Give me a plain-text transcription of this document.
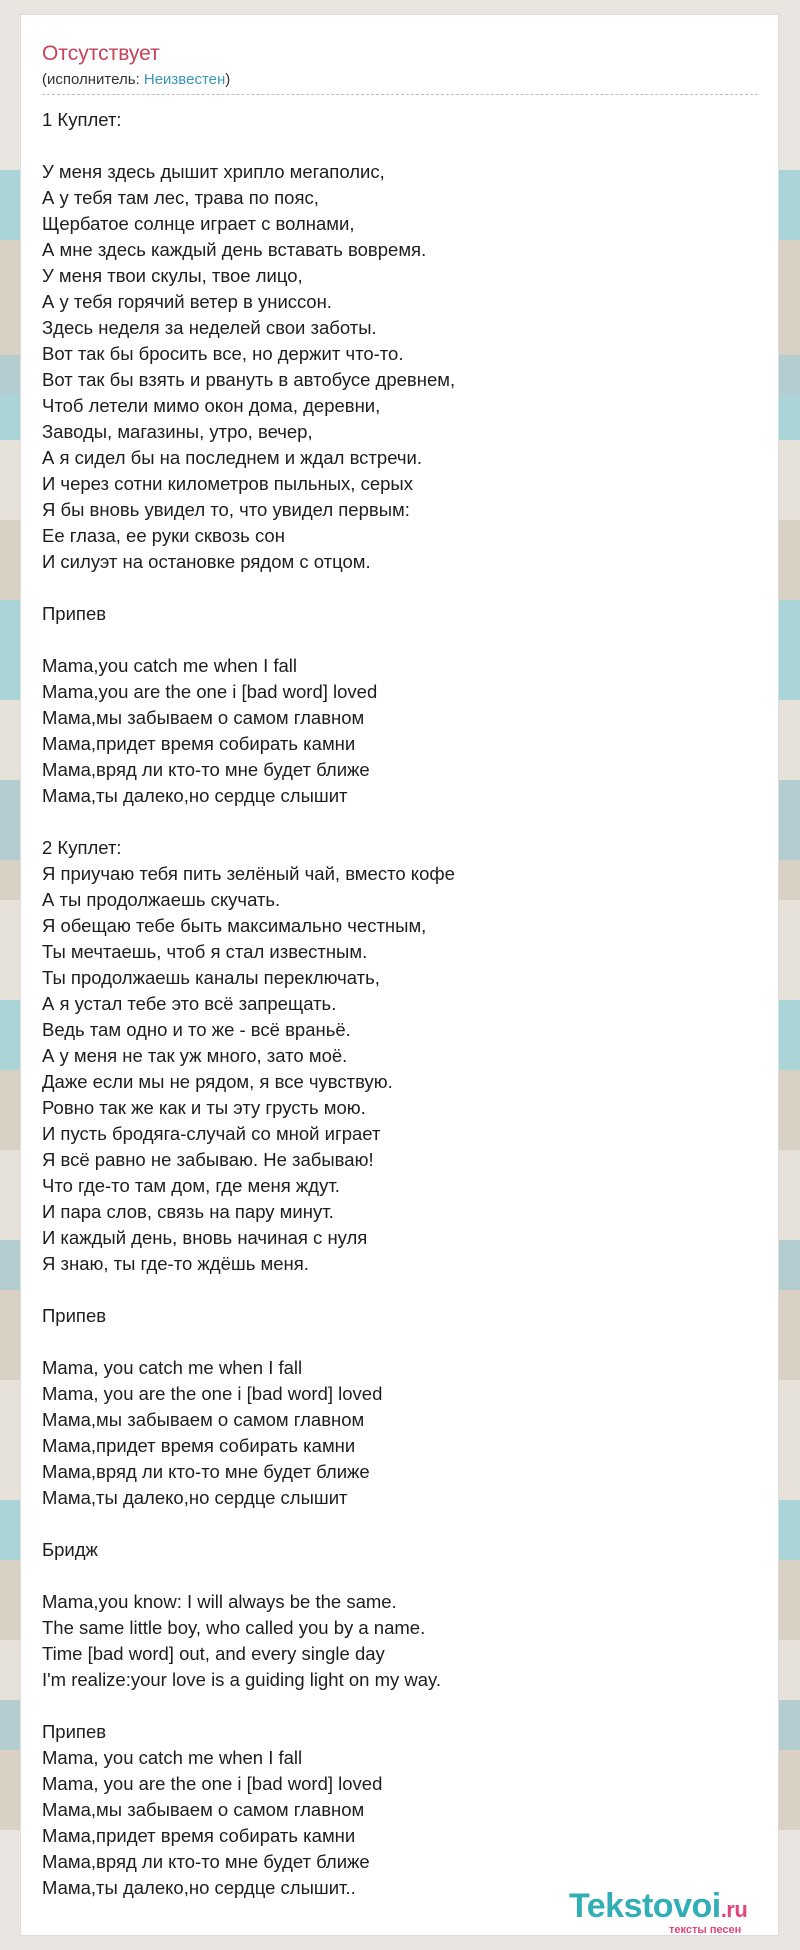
Отсутствует
(исполнитель: Неизвестен)
1 Куплет:
У меня здесь дышит хрипло мегаполис,
А у тебя там лес, трава по пояс,
Щербатое солнце играет с волнами,
А мне здесь каждый день вставать вовремя.
У меня твои скулы, твое лицо,
А у тебя горячий ветер в унисcон.
Здесь неделя за неделей свои заботы.
Вот так бы бросить все, но держит что-то.
Вот так бы взять и рвануть в автобусе древнем,
Чтоб летели мимо окон дома, деревни,
Заводы, магазины, утро, вечер,
А я сидел бы на последнем и ждал встречи.
И через сотни километров пыльных, серых
Я бы вновь увидел то, что увидел первым:
Ее глаза, ее руки сквозь сон
И силуэт на остановке рядом с отцом.
Припев
Mama,you catch me when I fall
Mama,you are the one i [bad word] loved
Мама,мы забываем о самом главном
Мама,придет время собирать камни
Мама,вряд ли кто-то мне будет ближе
Мама,ты далеко,но сердце слышит
2 Куплет:
Я приучаю тебя пить зелёный чай, вместо кофе
А ты продолжаешь скучать.
Я обещаю тебе быть максимально честным,
Ты мечтаешь, чтоб я стал известным.
Ты продолжаешь каналы переключать,
А я устал тебе это всё запрещать.
Ведь там одно и то же - всё враньё.
А у меня не так уж много, зато моё.
Даже если мы не рядом, я все чувствую.
Ровно так же как и ты эту грусть мою.
И пусть бродяга-случай со мной играет
Я всё равно не забываю. Не забываю!
Что где-то там дом, где меня ждут.
И пара слов, связь на пару минут.
И каждый день, вновь начиная с нуля
Я знаю, ты где-то ждёшь меня.
Припев
Mama, you catch me when I fall
Mama, you are the one i [bad word] loved
Мама,мы забываем о самом главном
Мама,придет время собирать камни
Мама,вряд ли кто-то мне будет ближе
Мама,ты далеко,но сердце слышит
Бридж
Mama,you know: I will always be the same.
The same little boy, who called you by a name.
Time [bad word] out, and every single day
I'm realize:your love is a guiding light on my way.
Припев
Mama, you catch me when I fall
Mama, you are the one i [bad word] loved
Мама,мы забываем о самом главном
Мама,придет время собирать камни
Мама,вряд ли кто-то мне будет ближе
Мама,ты далеко,но сердце слышит..	Tekstovoi.ru
тексты песен
